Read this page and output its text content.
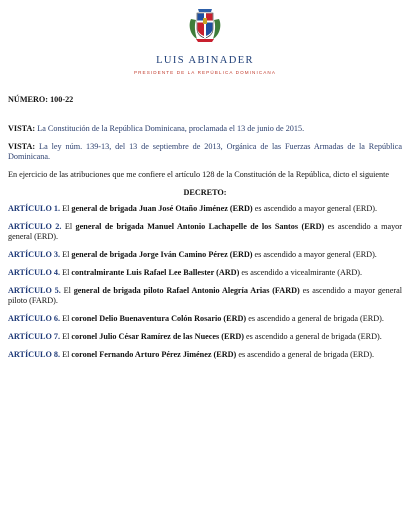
LUIS ABINADER
PRESIDENTE DE LA REPÚBLICA DOMINICANA
NÚMERO: 100-22

VISTA: La Constitución de la República Dominicana, proclamada el 13 de junio de 2015.

VISTA: La ley núm. 139-13, del 13 de septiembre de 2013, Orgánica de las Fuerzas Armadas de la República Dominicana.

En ejercicio de las atribuciones que me confiere el artículo 128 de la Constitución de la República, dicto el siguiente

DECRETO:

ARTÍCULO 1. El general de brigada Juan José Otaño Jiménez (ERD) es ascendido a mayor general (ERD).

ARTÍCULO 2. El general de brigada Manuel Antonio Lachapelle de los Santos (ERD) es ascendido a mayor general (ERD).

ARTÍCULO 3. El general de brigada Jorge Iván Camino Pérez (ERD) es ascendido a mayor general (ERD).

ARTÍCULO 4. El contralmirante Luis Rafael Lee Ballester (ARD) es ascendido a vicealmirante (ARD).

ARTÍCULO 5. El general de brigada piloto Rafael Antonio Alegría Arias (FARD) es ascendido a mayor general piloto (FARD).

ARTÍCULO 6. El coronel Delio Buenaventura Colón Rosario (ERD) es ascendido a general de brigada (ERD).

ARTÍCULO 7. El coronel Julio César Ramírez de las Nueces (ERD) es ascendido a general de brigada (ERD).

ARTÍCULO 8. El coronel Fernando Arturo Pérez Jiménez (ERD) es ascendido a general de brigada (ERD).
